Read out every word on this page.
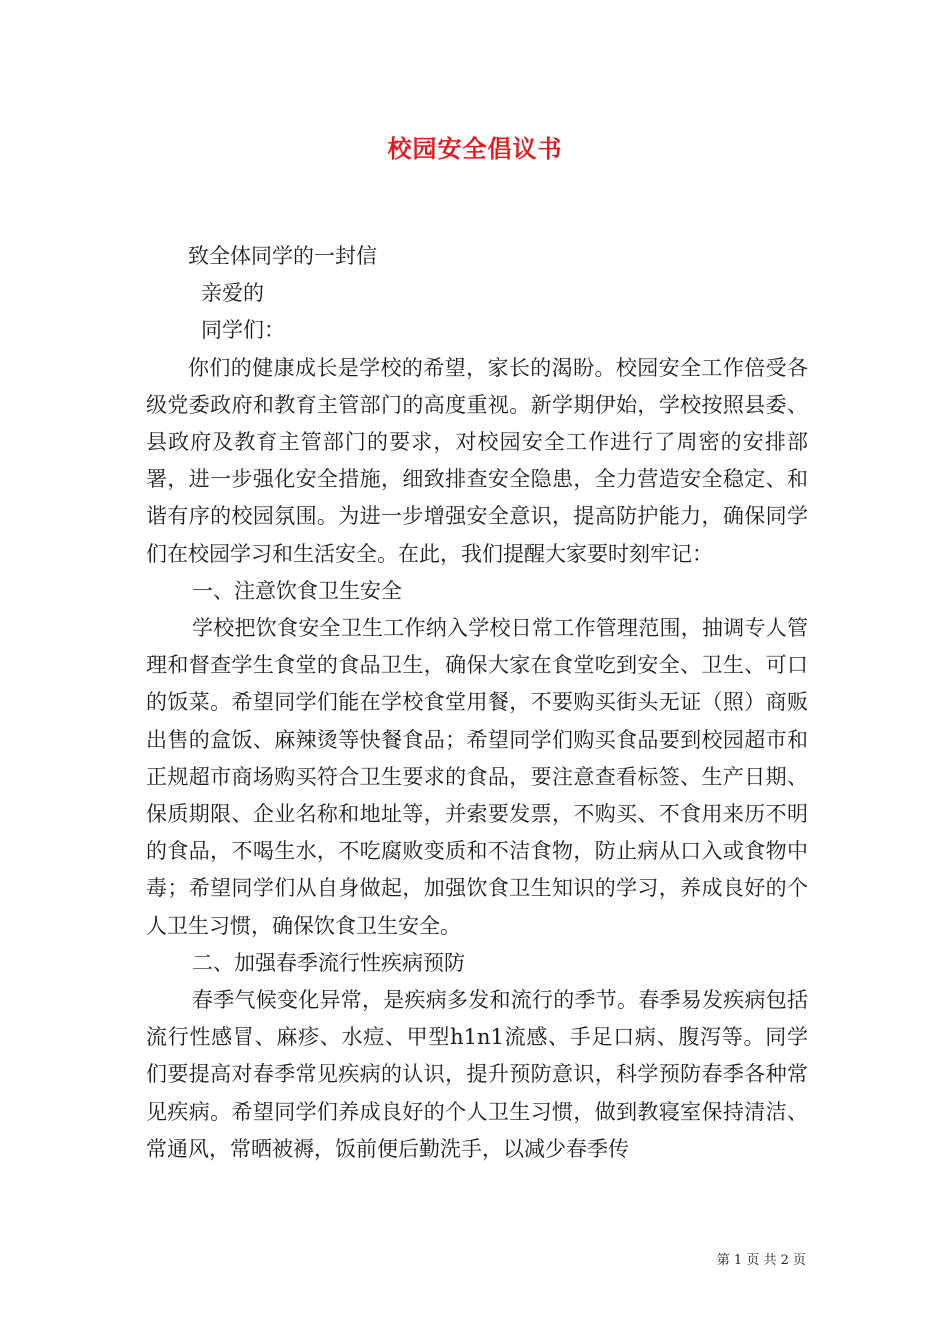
校园安全倡议书

致全体同学的一封信

亲爱的

同学们：

你们的健康成长是学校的希望，家长的渴盼。校园安全工作倍受各级党委政府和教育主管部门的高度重视。新学期伊始，学校按照县委、县政府及教育主管部门的要求，对校园安全工作进行了周密的安排部署，进一步强化安全措施，细致排查安全隐患，全力营造安全稳定、和谐有序的校园氛围。为进一步增强安全意识，提高防护能力，确保同学们在校园学习和生活安全。在此，我们提醒大家要时刻牢记：

一、注意饮食卫生安全

学校把饮食安全卫生工作纳入学校日常工作管理范围，抽调专人管理和督查学生食堂的食品卫生，确保大家在食堂吃到安全、卫生、可口的饭菜。希望同学们能在学校食堂用餐，不要购买街头无证（照）商贩出售的盒饭、麻辣烫等快餐食品；希望同学们购买食品要到校园超市和正规超市商场购买符合卫生要求的食品，要注意查看标签、生产日期、保质期限、企业名称和地址等，并索要发票，不购买、不食用来历不明的食品，不喝生水，不吃腐败变质和不洁食物，防止病从口入或食物中毒；希望同学们从自身做起，加强饮食卫生知识的学习，养成良好的个人卫生习惯，确保饮食卫生安全。

二、加强春季流行性疾病预防

春季气候变化异常，是疾病多发和流行的季节。春季易发疾病包括流行性感冒、麻疹、水痘、甲型h1n1流感、手足口病、腹泻等。同学们要提高对春季常见疾病的认识，提升预防意识，科学预防春季各种常见疾病。希望同学们养成良好的个人卫生习惯，做到教寝室保持清洁、常通风，常晒被褥，饭前便后勤洗手，以减少春季传

第 1 页 共 2 页
